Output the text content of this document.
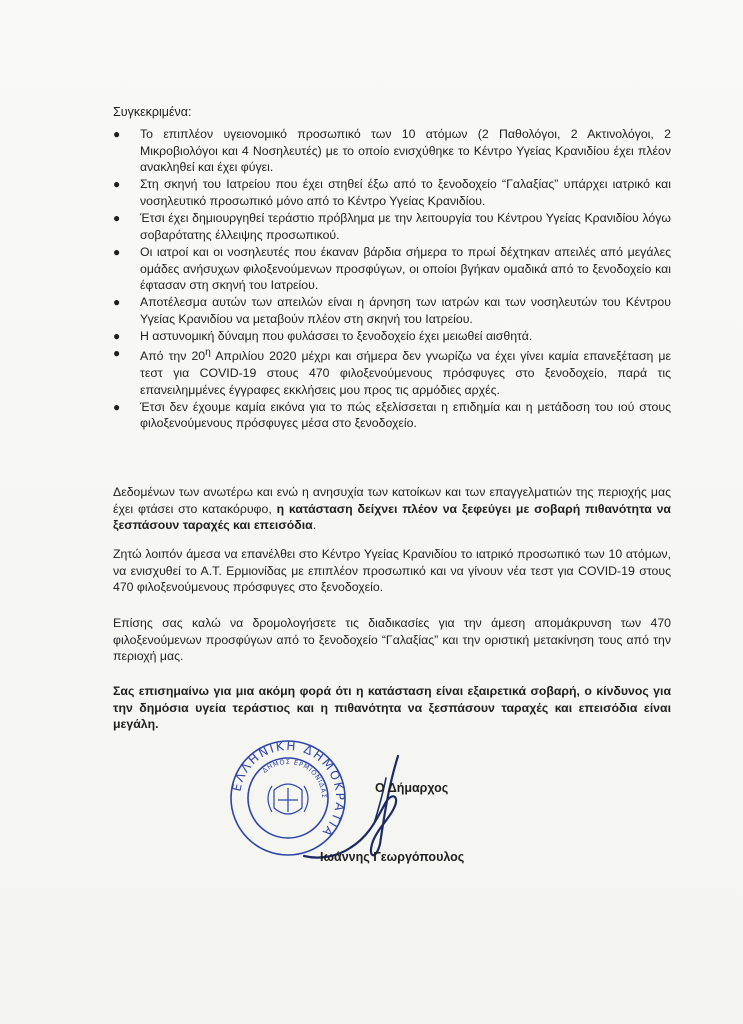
Συγκεκριμένα:
● Το επιπλέον υγειονομικό προσωπικό των 10 ατόμων (2 Παθολόγοι, 2 Ακτινολόγοι, 2 Μικροβιολόγοι και 4 Νοσηλευτές) με το οποίο ενισχύθηκε το Κέντρο Υγείας Κρανιδίου έχει πλέον ανακληθεί και έχει φύγει.
● Στη σκηνή του Ιατρείου που έχει στηθεί έξω από το ξενοδοχείο “Γαλαξίας” υπάρχει ιατρικό και νοσηλευτικό προσωπικό μόνο από το Κέντρο Υγείας Κρανιδίου.
● Έτσι έχει δημιουργηθεί τεράστιο πρόβλημα με την λειτουργία του Κέντρου Υγείας Κρανιδίου λόγω σοβαρότατης έλλειψης προσωπικού.
● Οι ιατροί και οι νοσηλευτές που έκαναν βάρδια σήμερα το πρωί δέχτηκαν απειλές από μεγάλες ομάδες ανήσυχων φιλοξενούμενων προσφύγων, οι οποίοι βγήκαν ομαδικά από το ξενοδοχείο και έφτασαν στη σκηνή του Ιατρείου.
● Αποτέλεσμα αυτών των απειλών είναι η άρνηση των ιατρών και των νοσηλευτών του Κέντρου Υγείας Κρανιδίου να μεταβούν πλέον στη σκηνή του Ιατρείου.
● Η αστυνομική δύναμη που φυλάσσει το ξενοδοχείο έχει μειωθεί αισθητά.
● Από την $20^\eta$ Απριλίου 2020 μέχρι και σήμερα δεν γνωρίζω να έχει γίνει καμία επανεξέταση με τεστ για COVID-19 στους 470 φιλοξενούμενους πρόσφυγες στο ξενοδοχείο, παρά τις επανειλημμένες έγγραφες εκκλήσεις μου προς τις αρμόδιες αρχές.
● Έτσι δεν έχουμε καμία εικόνα για το πώς εξελίσσεται η επιδημία και η μετάδοση του ιού στους φιλοξενούμενους πρόσφυγες μέσα στο ξενοδοχείο.

Δεδομένων των ανωτέρω και ενώ η ανησυχία των κατοίκων και των επαγγελματιών της περιοχής μας έχει φτάσει στο κατακόρυφο, η κατάσταση δείχνει πλέον να ξεφεύγει με σοβαρή πιθανότητα να ξεσπάσουν ταραχές και επεισόδια.

Ζητώ λοιπόν άμεσα να επανέλθει στο Κέντρο Υγείας Κρανιδίου το ιατρικό προσωπικό των 10 ατόμων, να ενισχυθεί το Α.Τ. Ερμιονίδας με επιπλέον προσωπικό και να γίνουν νέα τεστ για COVID-19 στους 470 φιλοξενούμενους πρόσφυγες στο ξενοδοχείο.

Επίσης σας καλώ να δρομολογήσετε τις διαδικασίες για την άμεση απομάκρυνση των 470 φιλοξενούμενων προσφύγων από το ξενοδοχείο “Γαλαξίας” και την οριστική μετακίνηση τους από την περιοχή μας.

Σας επισημαίνω για μια ακόμη φορά ότι η κατάσταση είναι εξαιρετικά σοβαρή, ο κίνδυνος για την δημόσια υγεία τεράστιος και η πιθανότητα να ξεσπάσουν ταραχές και επεισόδια είναι μεγάλη.

ΕΛΛΗΝΙΚΗ ΔΗΜΟΚΡΑΤΙΑ
ΔΗΜΟΣ ΕΡΜΙΟΝΙΔΑΣ
Ο Δήμαρχος
Ιωάννης Γεωργόπουλος
